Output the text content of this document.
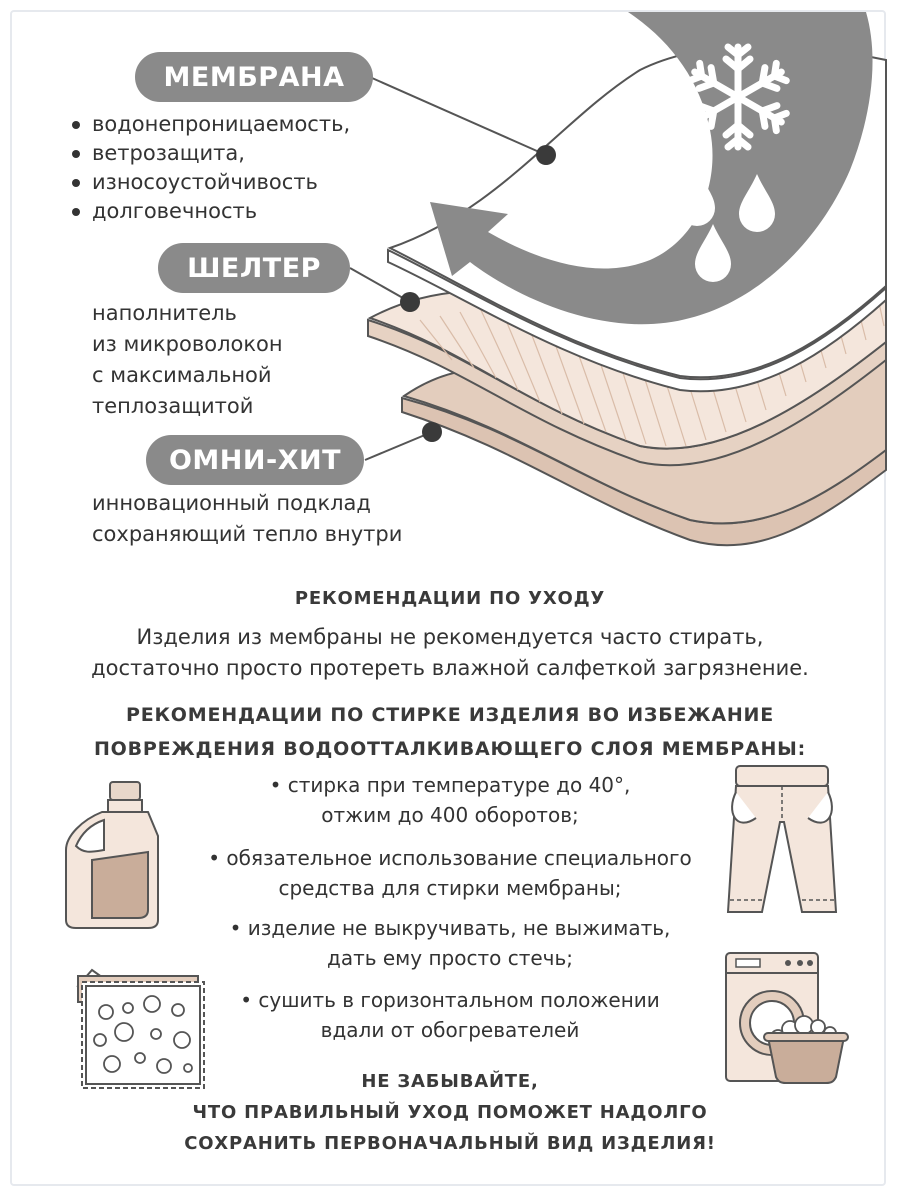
МЕМБРАНА
водонепроницаемость,
ветрозащита,
износоустойчивость
долговечность
ШЕЛТЕР
наполнитель
из микроволокон
с максимальной
теплозащитой
ОМНИ-ХИТ
инновационный подклад
сохраняющий тепло внутри
РЕКОМЕНДАЦИИ ПО УХОДУ
Изделия из мембраны не рекомендуется часто стирать,
достаточно просто протереть влажной салфеткой загрязнение.
РЕКОМЕНДАЦИИ ПО СТИРКЕ ИЗДЕЛИЯ ВО ИЗБЕЖАНИЕ
ПОВРЕЖДЕНИЯ ВОДООТТАЛКИВАЮЩЕГО СЛОЯ МЕМБРАНЫ:
• стирка при температуре до 40°,
отжим до 400 оборотов;
• обязательное использование специального
средства для стирки мембраны;
• изделие не выкручивать, не выжимать,
дать ему просто стечь;
• сушить в горизонтальном положении
вдали от обогревателей
НЕ ЗАБЫВАЙТЕ,
ЧТО ПРАВИЛЬНЫЙ УХОД ПОМОЖЕТ НАДОЛГО
СОХРАНИТЬ ПЕРВОНАЧАЛЬНЫЙ ВИД ИЗДЕЛИЯ!
